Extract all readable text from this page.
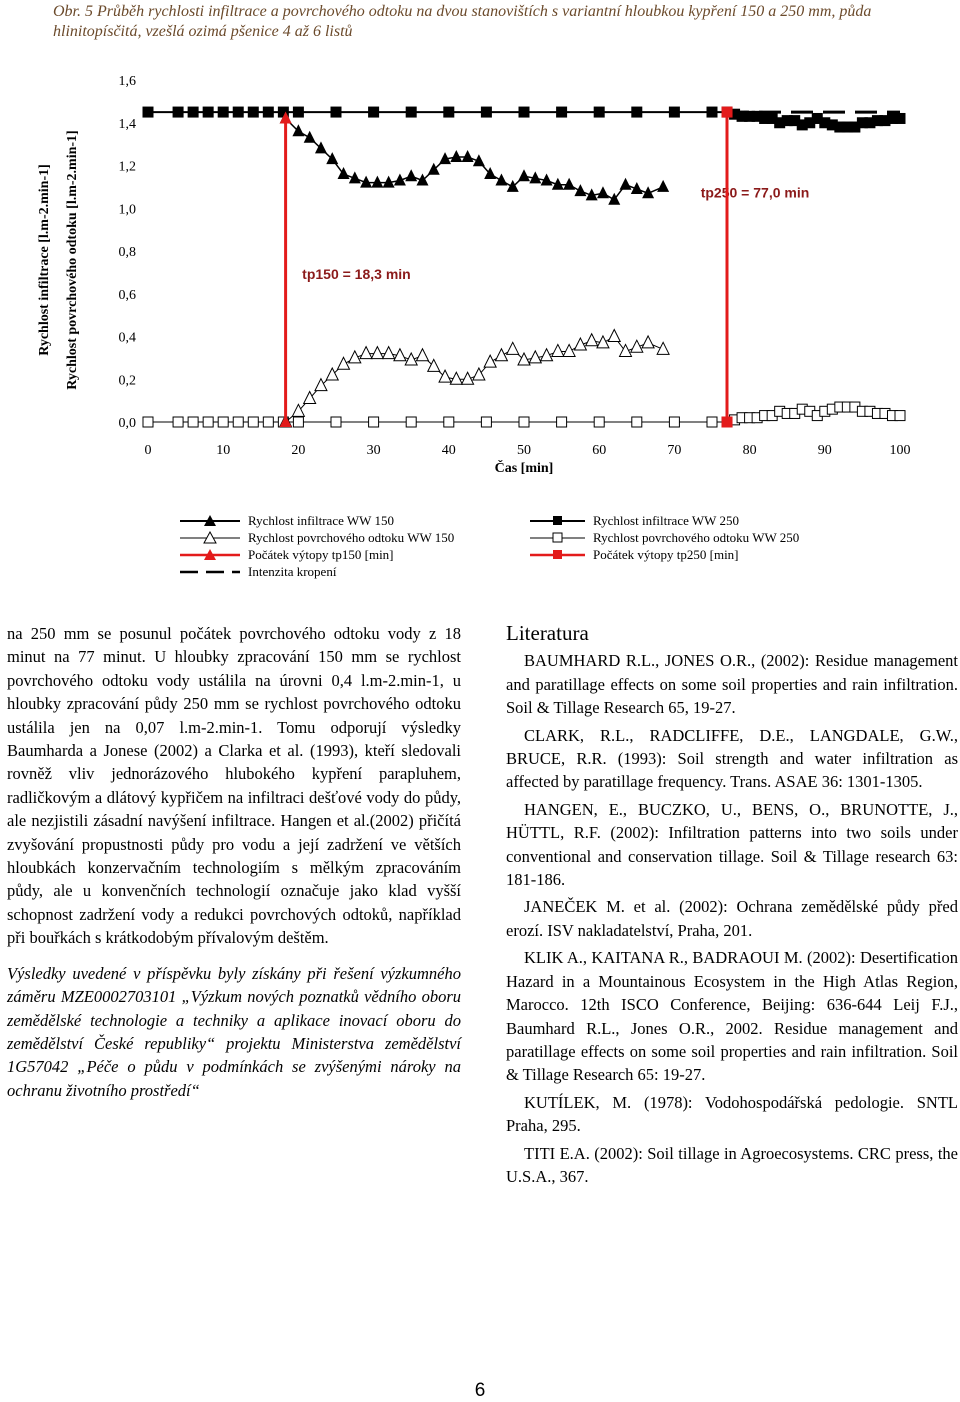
Obr. 5 Průběh rychlosti infiltrace a povrchového odtoku na dvou stanovištích s variantní hloubkou kypření 150 a 250 mm, půda hlinitopísčitá, vzešlá ozimá pšenice 4 až 6 listů
0,0
0,2
0,4
0,6
0,8
1,0
1,2
1,4
1,6
0	10	20	30	40	50	60	70	80	90	100
Čas [min]
Rychlost infiltrace [l.m-2.min-1] Rychlost povrchového odtoku [l.m-2.min-1]	tp150 = 18,3 min
tp250 = 77,0 min
Rychlost infiltrace WW 150
Rychlost povrchového odtoku WW 150
Počátek výtopy tp150 [min]
Intenzita kropení
Rychlost infiltrace WW 250
Rychlost povrchového odtoku WW 250
Počátek výtopy tp250 [min]

na 250 mm se posunul počátek povrchového odtoku vody z 18 minut na 77 minut. U hloubky zpracování 150 mm se rychlost povrchového odtoku vody ustálila na úrovni 0,4 l.m-2.min-1, u hloubky zpracování půdy 250 mm se rychlost povrchového odtoku ustálila jen na 0,07 l.m-2.min-1. Tomu odporují výsledky Baumharda a Jonese (2002) a Clarka et al. (1993), kteří sledovali rovněž vliv jednorázového hlubokého kypření parapluhem, radličkovým a dlátový kypřičem na infiltraci dešťové vody do půdy, ale nezjistili zásadní navýšení infiltrace. Hangen et al.(2002) přičítá zvyšování propustnosti půdy pro vodu a její zadržení ve větších hloubkách konzervačním technologiím s mělkým zpracováním půdy, ale u konvenčních technologií označuje jako klad vyšší schopnost zadržení vody a redukci povrchových odtoků, například při bouřkách s krátkodobým přívalovým deštěm.

Výsledky uvedené v příspěvku byly získány při řešení výzkumného záměru MZE0002703101 „Výzkum nových poznatků vědního oboru zemědělské technologie a techniky a aplikace inovací oboru do zemědělství České republiky“ projektu Ministerstva zemědělství 1G57042 „Péče o půdu v podmínkách se zvýšenými nároky na ochranu životního prostředí“

Literatura
BAUMHARD R.L., JONES O.R., (2002): Residue management and paratillage effects on some soil properties and rain infiltration. Soil & Tillage Research 65, 19-27.
CLARK, R.L., RADCLIFFE, D.E., LANGDALE, G.W., BRUCE, R.R. (1993): Soil strength and water infiltration as affected by paratillage frequency. Trans. ASAE 36: 1301-1305.
HANGEN, E., BUCZKO, U., BENS, O., BRUNOTTE, J., HÜTTL, R.F. (2002): Infiltration patterns into two soils under conventional and conservation tillage. Soil & Tillage research 63: 181-186.
JANEČEK M. et al. (2002): Ochrana zemědělské půdy před erozí. ISV nakladatelství, Praha, 201.
KLIK A., KAITANA R., BADRAOUI M. (2002): Desertification Hazard in a Mountainous Ecosystem in the High Atlas Region, Marocco. 12th ISCO Conference, Beijing: 636-644 Leij F.J., Baumhard R.L., Jones O.R., 2002. Residue management and paratillage effects on some soil properties and rain infiltration. Soil & Tillage Research 65: 19-27.
KUTÍLEK, M. (1978): Vodohospodářská pedologie. SNTL Praha, 295.
TITI E.A. (2002): Soil tillage in Agroecosystems. CRC press, the U.S.A., 367.
6
